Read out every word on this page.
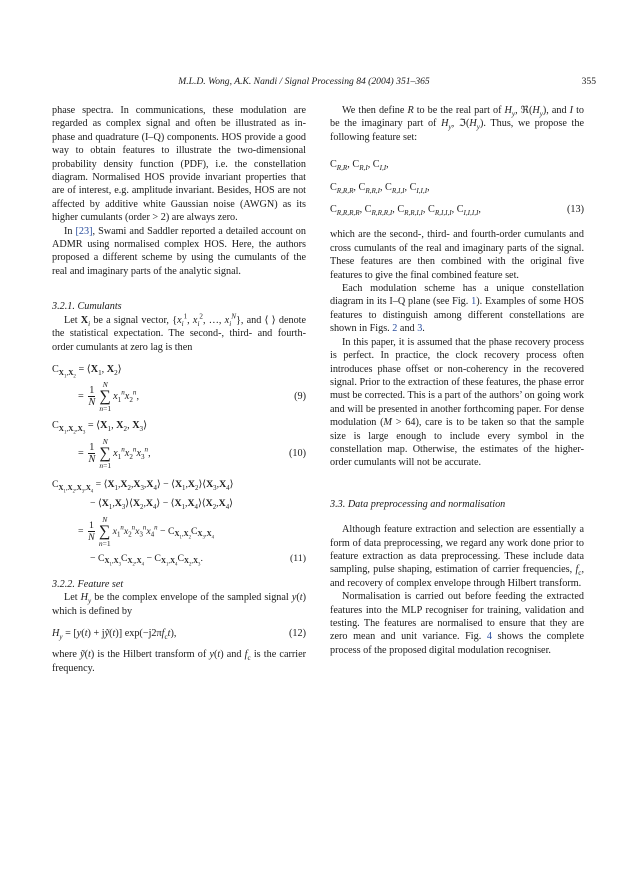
M.L.D. Wong, A.K. Nandi / Signal Processing 84 (2004) 351–365	355

phase spectra. In communications, these modulation are regarded as complex signal and often be illustrated as in-phase and quadrature (I–Q) components. HOS provide a good way to obtain features to illustrate the two-dimensional probability density function (PDF), i.e. the constellation diagram. Normalised HOS provide invariant properties that are of interest, e.g. amplitude invariant. Besides, HOS are not affected by additive white Gaussian noise (AWGN) as its higher cumulants (order > 2) are always zero.

In [23], Swami and Saddler reported a detailed account on ADMR using normalised complex HOS. Here, the authors proposed a different scheme by using the cumulants of the real and imaginary parts of the analytic signal.

3.2.1. Cumulants

Let $X_i$ be a signal vector, {$x_i^1$, $x_i^2$, …, $x_i^N$}, and ⟨ ⟩ denote the statistical expectation. The second-, third- and fourth-order cumulants at zero lag is then

$C_{X_1,X_2}$ = $⟨X_1$, $X_2⟩$
= $\frac{1}{N}$
N
∑
n=1
$x_1^nx_2^n$,	(9)
$C_{X_1,X_2,X_3}$ = $⟨X_1$, $X_2$, $X_3⟩$
= $\frac{1}{N}$
N
∑
n=1
$x_1^nx_2^nx_3^n$,	(10)
$C_{X_1,X_2,X_3,X_4}$ = $⟨X_1,X_2,X_3,X_4⟩$ − $⟨X_1,X_2⟩⟨X_3,X_4⟩$
− $⟨X_1,X_3⟩⟨X_2,X_4⟩$ − $⟨X_1,X_4⟩⟨X_2,X_4⟩$
= $\frac{1}{N}$
N
∑
n=1
$x_1^nx_2^nx_3^nx_4^n - C_{X_1,X_2}C_{X_3,X_4}$
− $C_{X_1,X_3}C_{X_2,X_4} - C_{X_1,X_4}C_{X_2,X_3}$.	(11)

3.2.2. Feature set

Let $H_y$ be the complex envelope of the sampled signal y(t) which is defined by

$H_y = [y(t)$ + jỹ(t)] $\exp(-j2\pi f_ct)$,	(12)

where ỹ(t) is the Hilbert transform of y(t) and $f_c$ is the carrier frequency.

We then define R to be the real part of $H_y$, $ℜ(H_y)$, and I to be the imaginary part of $H_y$, $ℑ(H_y)$. Thus, we propose the following feature set:

$C_{R,R}$, $C_{R,I}$, $C_{I,I}$,
$C_{R,R,R}$, $C_{R,R,I}$, $C_{R,I,I}$, $C_{I,I,I}$,
$C_{R,R,R,R}$, $C_{R,R,R,I}$, $C_{R,R,I,I}$, $C_{R,I,I,I}$, $C_{I,I,I,I}$,	(13)

which are the second-, third- and fourth-order cumulants and cross cumulants of the real and imaginary parts of the signal. These features are then combined with the original five features to give the final combined feature set.

Each modulation scheme has a unique constellation diagram in its I–Q plane (see Fig. 1). Examples of some HOS features to distinguish among different constellations are shown in Figs. 2 and 3.

In this paper, it is assumed that the phase recovery process is perfect. In practice, the clock recovery process often introduces phase offset or non-coherency in the recovered signal. Prior to the extraction of these features, the phase error must be corrected. This is a part of the authors’ on going work and will be presented in another forthcoming paper. For dense modulation (M > 64), care is to be taken so that the sample size is large enough to include every symbol in the constellation map. Otherwise, the estimates of the higher-order cumulants will not be accurate.

3.3. Data preprocessing and normalisation

Although feature extraction and selection are essentially a form of data preprocessing, we regard any work done prior to feature extraction as data preprocessing. These include data sampling, pulse shaping, estimation of carrier frequencies, $f_c$, and recovery of complex envelope through Hilbert transform.

Normalisation is carried out before feeding the extracted features into the MLP recogniser for training, validation and testing. The features are normalised to ensure that they are zero mean and unit variance. Fig. 4 shows the complete process of the proposed digital modulation recogniser.
